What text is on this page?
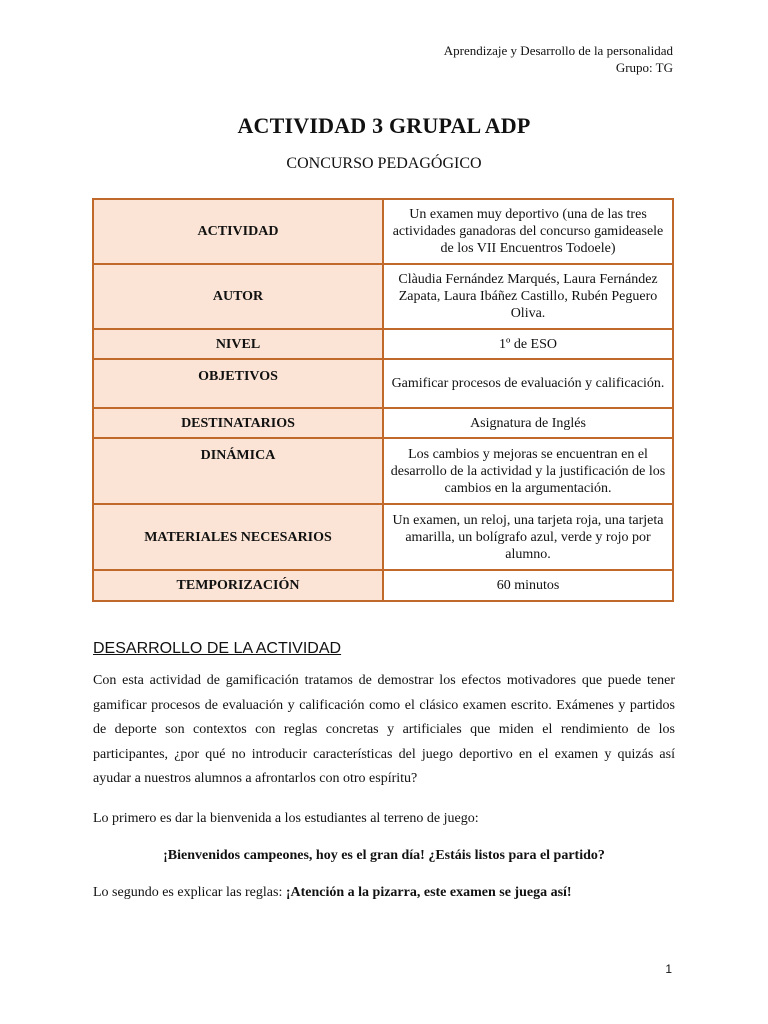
Aprendizaje y Desarrollo de la personalidad
Grupo: TG
ACTIVIDAD 3 GRUPAL ADP
CONCURSO PEDAGÓGICO
ACTIVIDAD	Un examen muy deportivo (una de las tres actividades ganadoras del concurso gamideasele de los VII Encuentros Todoele)
AUTOR	Clàudia Fernández Marqués, Laura Fernández Zapata, Laura Ibáñez Castillo, Rubén Peguero Oliva.
NIVEL	1º de ESO
OBJETIVOS	Gamificar procesos de evaluación y calificación.
DESTINATARIOS	Asignatura de Inglés
DINÁMICA	Los cambios y mejoras se encuentran en el desarrollo de la actividad y la justificación de los cambios en la argumentación.
MATERIALES NECESARIOS	Un examen, un reloj, una tarjeta roja, una tarjeta amarilla, un bolígrafo azul, verde y rojo por alumno.
TEMPORIZACIÓN	60 minutos
DESARROLLO DE LA ACTIVIDAD
Con esta actividad de gamificación tratamos de demostrar los efectos motivadores que puede tener gamificar procesos de evaluación y calificación como el clásico examen escrito. Exámenes y partidos de deporte son contextos con reglas concretas y artificiales que miden el rendimiento de los participantes, ¿por qué no introducir características del juego deportivo en el examen y quizás así ayudar a nuestros alumnos a afrontarlos con otro espíritu?
Lo primero es dar la bienvenida a los estudiantes al terreno de juego:
¡Bienvenidos campeones, hoy es el gran día! ¿Estáis listos para el partido?
Lo segundo es explicar las reglas: ¡Atención a la pizarra, este examen se juega así!
1
